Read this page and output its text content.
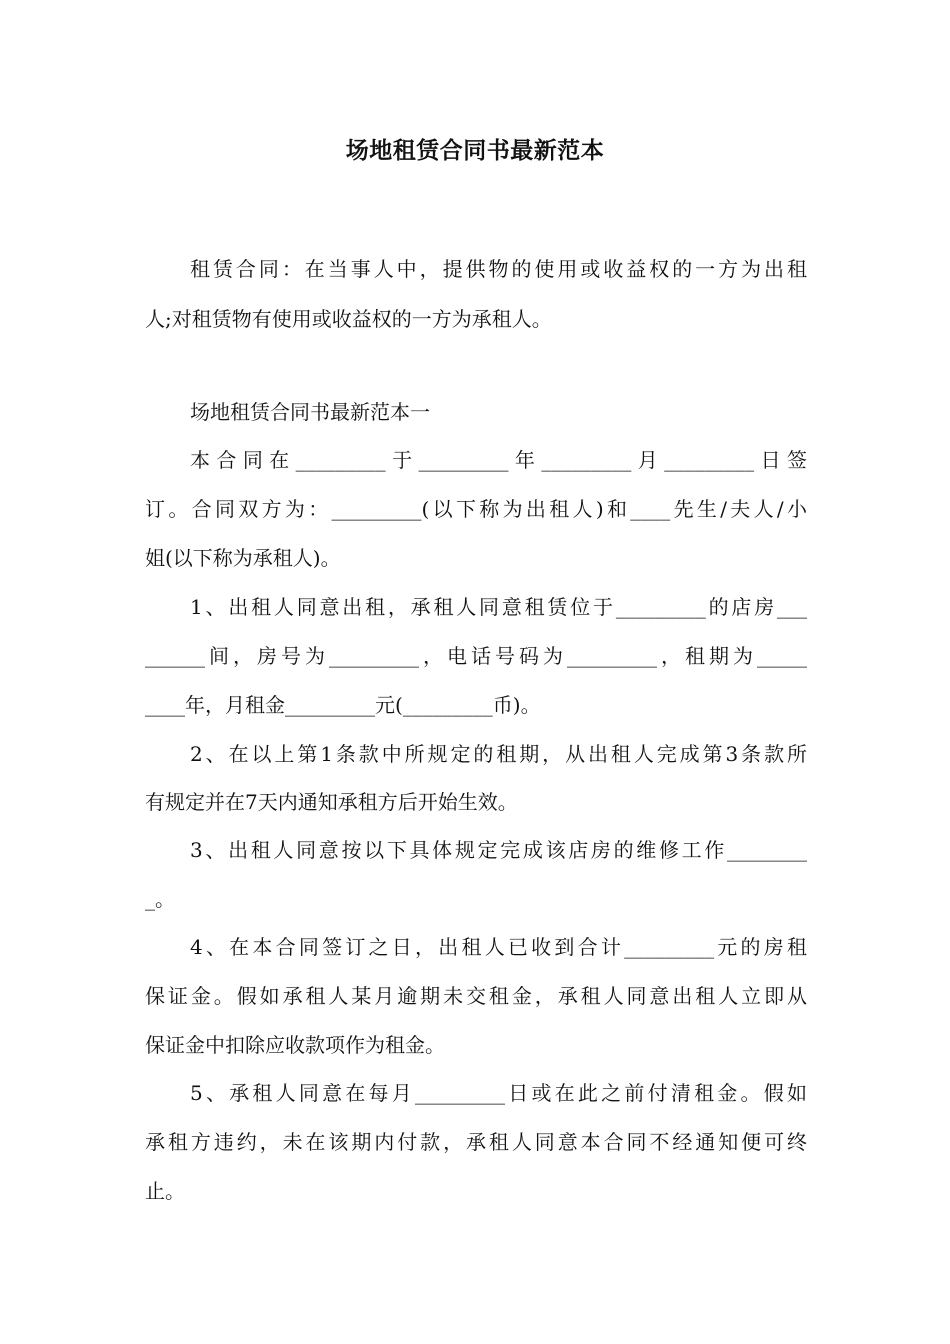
场地租赁合同书最新范本

租赁合同：在当事人中，提供物的使用或收益权的一方为出租

人;对租赁物有使用或收益权的一方为承租人。

场地租赁合同书最新范本一

本合同在_________于_________年_________月_________日签

订。合同双方为：_________(以下称为出租人)和____先生/夫人/小

姐(以下称为承租人)。

1、出租人同意出租，承租人同意租赁位于_________的店房___

______间，房号为_________，电话号码为_________，租期为_____

____年，月租金_________元(_________币)。

2、在以上第1条款中所规定的租期，从出租人完成第3条款所

有规定并在7天内通知承租方后开始生效。

3、出租人同意按以下具体规定完成该店房的维修工作________

_。

4、在本合同签订之日，出租人已收到合计_________元的房租

保证金。假如承租人某月逾期未交租金，承租人同意出租人立即从

保证金中扣除应收款项作为租金。

5、承租人同意在每月_________日或在此之前付清租金。假如

承租方违约，未在该期内付款，承租人同意本合同不经通知便可终

止。
